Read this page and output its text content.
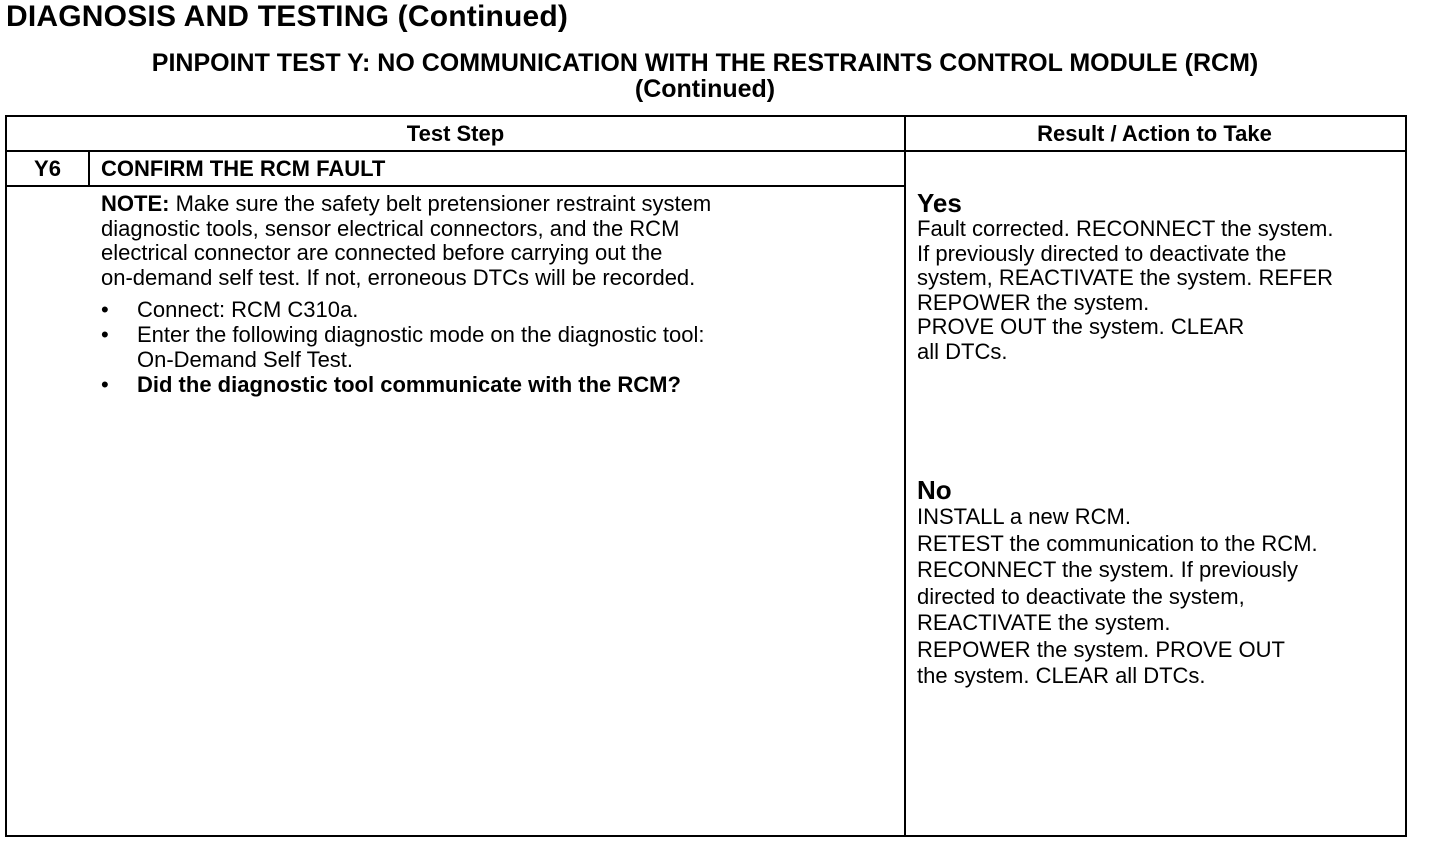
DIAGNOSIS AND TESTING (Continued)
PINPOINT TEST Y: NO COMMUNICATION WITH THE RESTRAINTS CONTROL MODULE (RCM)
(Continued)
Test Step	Result / Action to Take
Y6	CONFIRM THE RCM FAULT
NOTE: Make sure the safety belt pretensioner restraint system
diagnostic tools, sensor electrical connectors, and the RCM
electrical connector are connected before carrying out the
on-demand self test. If not, erroneous DTCs will be recorded.
• Connect: RCM C310a.
• Enter the following diagnostic mode on the diagnostic tool:
On-Demand Self Test.
• Did the diagnostic tool communicate with the RCM?
Yes
Fault corrected. RECONNECT the system.
If previously directed to deactivate the
system, REACTIVATE the system. REFER
REPOWER the system.
PROVE OUT the system. CLEAR
all DTCs.
No
INSTALL a new RCM.
RETEST the communication to the RCM.
RECONNECT the system. If previously
directed to deactivate the system,
REACTIVATE the system.
REPOWER the system. PROVE OUT
the system. CLEAR all DTCs.
